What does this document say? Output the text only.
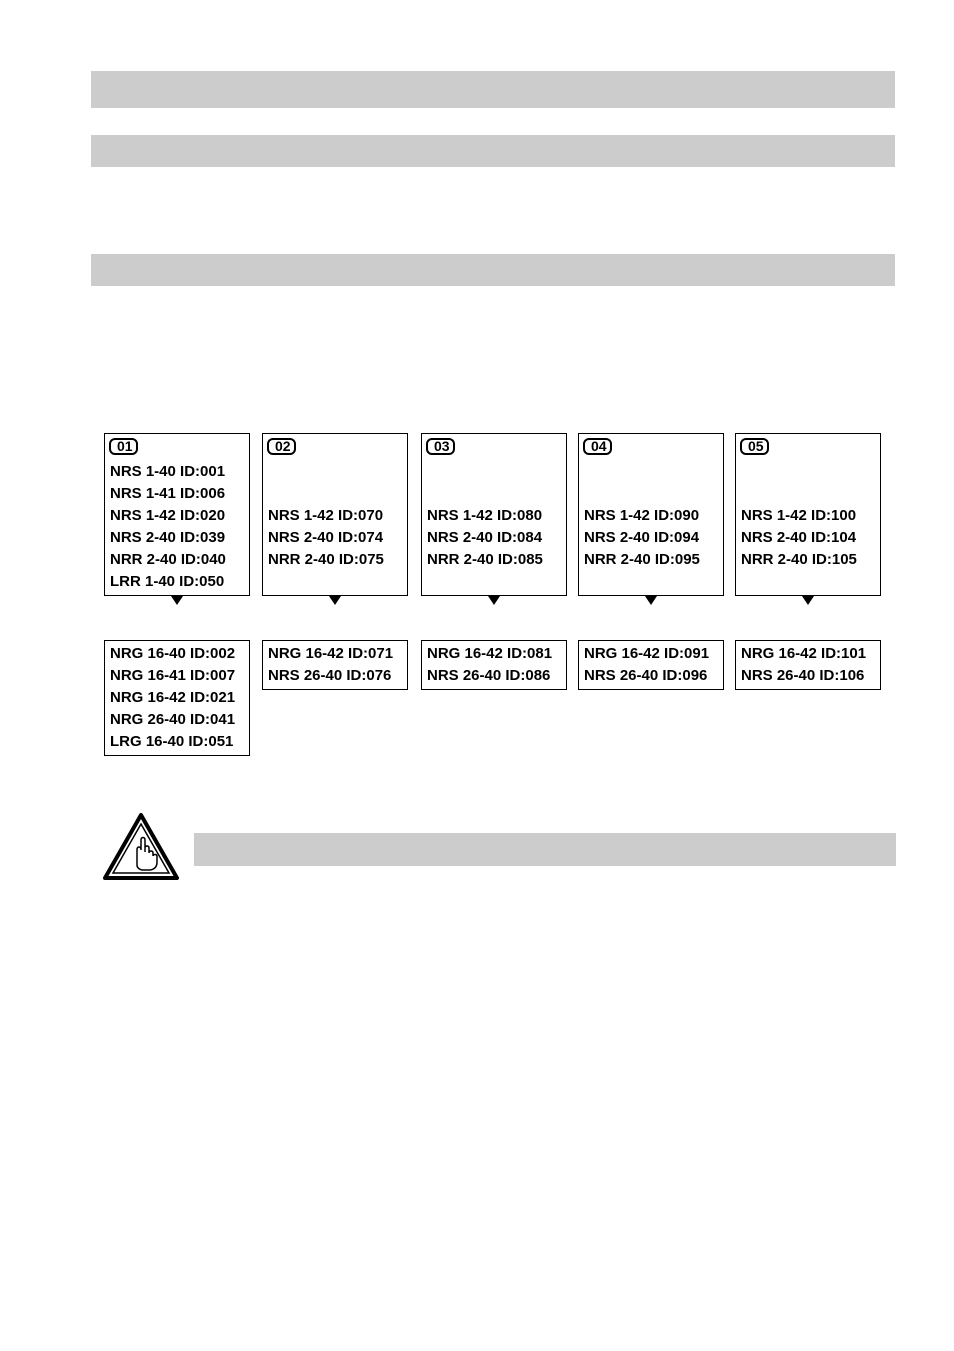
01
NRS 1-40 ID:001
NRS 1-41 ID:006
NRS 1-42 ID:020
NRS 2-40 ID:039
NRR 2-40 ID:040
LRR 1-40 ID:050
NRG 16-40 ID:002
NRG 16-41 ID:007
NRG 16-42 ID:021
NRG 26-40 ID:041
LRG 16-40 ID:051
02
NRS 1-42 ID:070
NRS 2-40 ID:074
NRR 2-40 ID:075
NRG 16-42 ID:071
NRS 26-40 ID:076
03
NRS 1-42 ID:080
NRS 2-40 ID:084
NRR 2-40 ID:085
NRG 16-42 ID:081
NRS 26-40 ID:086
04
NRS 1-42 ID:090
NRS 2-40 ID:094
NRR 2-40 ID:095
NRG 16-42 ID:091
NRS 26-40 ID:096
05
NRS 1-42 ID:100
NRS 2-40 ID:104
NRR 2-40 ID:105
NRG 16-42 ID:101
NRS 26-40 ID:106
